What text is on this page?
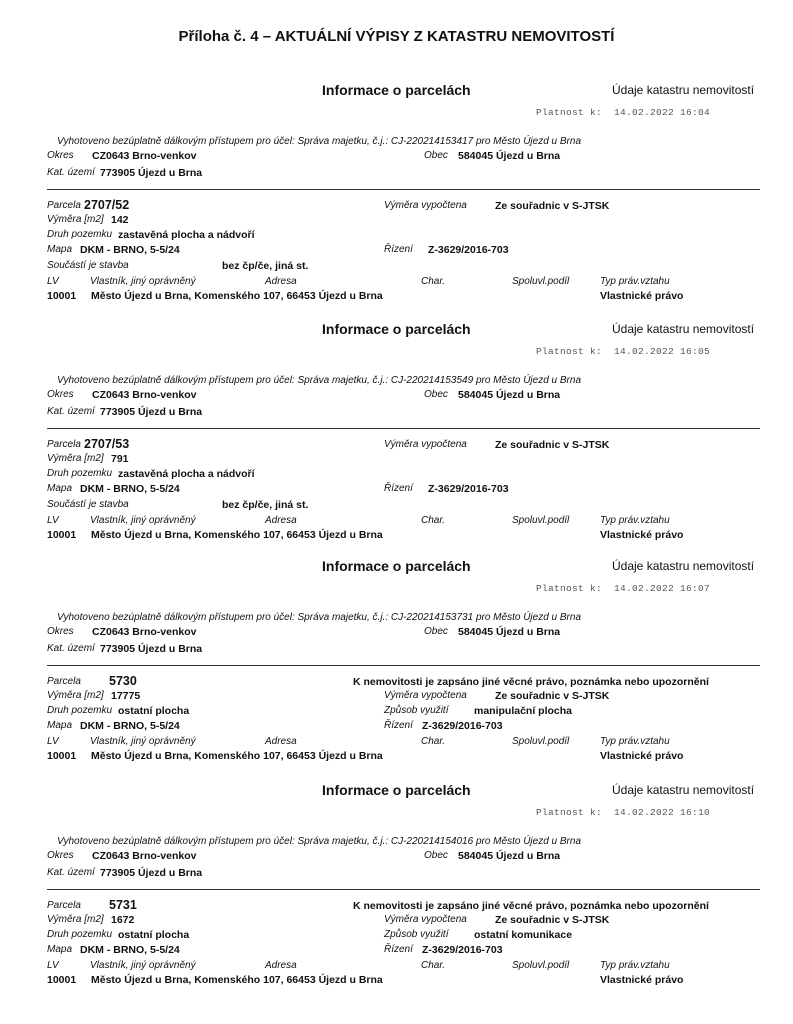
Příloha č. 4 – AKTUÁLNÍ VÝPISY Z KATASTRU NEMOVITOSTÍ
Informace o parcelách	Údaje katastru nemovitostí
Platnost k: 14.02.2022 16:04
Vyhotoveno bezúplatně dálkovým přístupem pro účel: Správa majetku, č.j.: CJ-220214153417 pro Město Újezd u Brna
Okres CZ0643 Brno-venkov	Obec 584045 Újezd u Brna
Kat. území 773905 Újezd u Brna
Parcela 2707/52	Výměra vypočtena	Ze souřadnic v S-JTSK
Výměra [m2] 142
Druh pozemku zastavěná plocha a nádvoří
Mapa DKM - BRNO, 5-5/24	Řízení Z-3629/2016-703
Součástí je stavba	bez čp/če, jiná st.
LV	Vlastník, jiný oprávněný	Adresa	Char.	Spoluvl.podíl	Typ práv.vztahu
10001 Město Újezd u Brna, Komenského 107, 66453 Újezd u Brna	Vlastnické právo
Informace o parcelách	Údaje katastru nemovitostí
Platnost k: 14.02.2022 16:05
Vyhotoveno bezúplatně dálkovým přístupem pro účel: Správa majetku, č.j.: CJ-220214153549 pro Město Újezd u Brna
Okres CZ0643 Brno-venkov	Obec 584045 Újezd u Brna
Kat. území 773905 Újezd u Brna
Parcela 2707/53	Výměra vypočtena	Ze souřadnic v S-JTSK
Výměra [m2] 791
Druh pozemku zastavěná plocha a nádvoří
Mapa DKM - BRNO, 5-5/24	Řízení Z-3629/2016-703
Součástí je stavba	bez čp/če, jiná st.
LV	Vlastník, jiný oprávněný	Adresa	Char.	Spoluvl.podíl	Typ práv.vztahu
10001 Město Újezd u Brna, Komenského 107, 66453 Újezd u Brna	Vlastnické právo
Informace o parcelách	Údaje katastru nemovitostí
Platnost k: 14.02.2022 16:07
Vyhotoveno bezúplatně dálkovým přístupem pro účel: Správa majetku, č.j.: CJ-220214153731 pro Město Újezd u Brna
Okres CZ0643 Brno-venkov	Obec 584045 Újezd u Brna
Kat. území 773905 Újezd u Brna
Parcela 5730	K nemovitosti je zapsáno jiné věcné právo, poznámka nebo upozornění
Výměra [m2] 17775	Výměra vypočtena	Ze souřadnic v S-JTSK
Druh pozemku ostatní plocha	Způsob využití manipulační plocha
Mapa DKM - BRNO, 5-5/24	Řízení Z-3629/2016-703
LV	Vlastník, jiný oprávněný	Adresa	Char.	Spoluvl.podíl	Typ práv.vztahu
10001 Město Újezd u Brna, Komenského 107, 66453 Újezd u Brna	Vlastnické právo
Informace o parcelách	Údaje katastru nemovitostí
Platnost k: 14.02.2022 16:10
Vyhotoveno bezúplatně dálkovým přístupem pro účel: Správa majetku, č.j.: CJ-220214154016 pro Město Újezd u Brna
Okres CZ0643 Brno-venkov	Obec 584045 Újezd u Brna
Kat. území 773905 Újezd u Brna
Parcela 5731	K nemovitosti je zapsáno jiné věcné právo, poznámka nebo upozornění
Výměra [m2] 1672	Výměra vypočtena	Ze souřadnic v S-JTSK
Druh pozemku ostatní plocha	Způsob využití ostatní komunikace
Mapa DKM - BRNO, 5-5/24	Řízení Z-3629/2016-703
LV	Vlastník, jiný oprávněný	Adresa	Char.	Spoluvl.podíl	Typ práv.vztahu
10001 Město Újezd u Brna, Komenského 107, 66453 Újezd u Brna	Vlastnické právo
